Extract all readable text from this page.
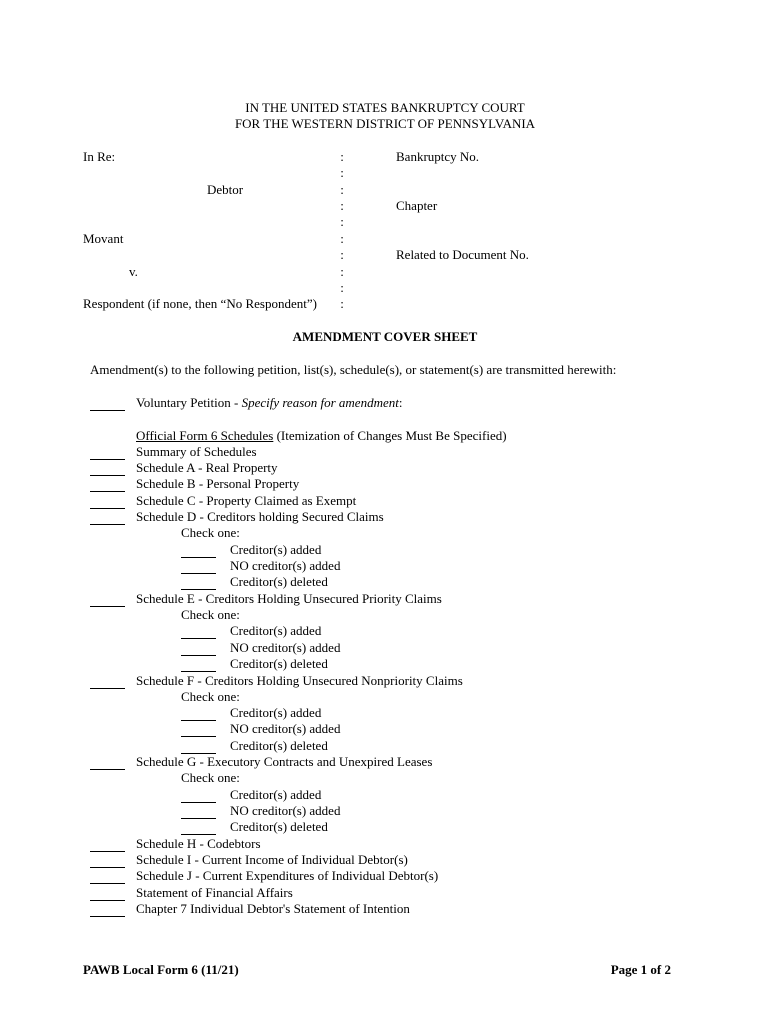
IN THE UNITED STATES BANKRUPTCY COURT
FOR THE WESTERN DISTRICT OF PENNSYLVANIA
In Re:
Debtor
Movant
v.
Respondent (if none, then “No Respondent”)
:
:
:
:
:
:
:
:
:
:
Bankruptcy No.
Chapter
Related to Document No.
AMENDMENT COVER SHEET
Amendment(s) to the following petition, list(s), schedule(s), or statement(s) are transmitted herewith:
Voluntary Petition - Specify reason for amendment:
Official Form 6 Schedules (Itemization of Changes Must Be Specified)
Summary of Schedules
Schedule A - Real Property
Schedule B - Personal Property
Schedule C - Property Claimed as Exempt
Schedule D - Creditors holding Secured Claims
Check one:
Creditor(s) added
NO creditor(s) added
Creditor(s) deleted
Schedule E - Creditors Holding Unsecured Priority Claims
Check one:
Creditor(s) added
NO creditor(s) added
Creditor(s) deleted
Schedule F - Creditors Holding Unsecured Nonpriority Claims
Check one:
Creditor(s) added
NO creditor(s) added
Creditor(s) deleted
Schedule G - Executory Contracts and Unexpired Leases
Check one:
Creditor(s) added
NO creditor(s) added
Creditor(s) deleted
Schedule H - Codebtors
Schedule I - Current Income of Individual Debtor(s)
Schedule J - Current Expenditures of Individual Debtor(s)
Statement of Financial Affairs
Chapter 7 Individual Debtor's Statement of Intention
PAWB Local Form 6 (11/21)	Page 1 of 2
